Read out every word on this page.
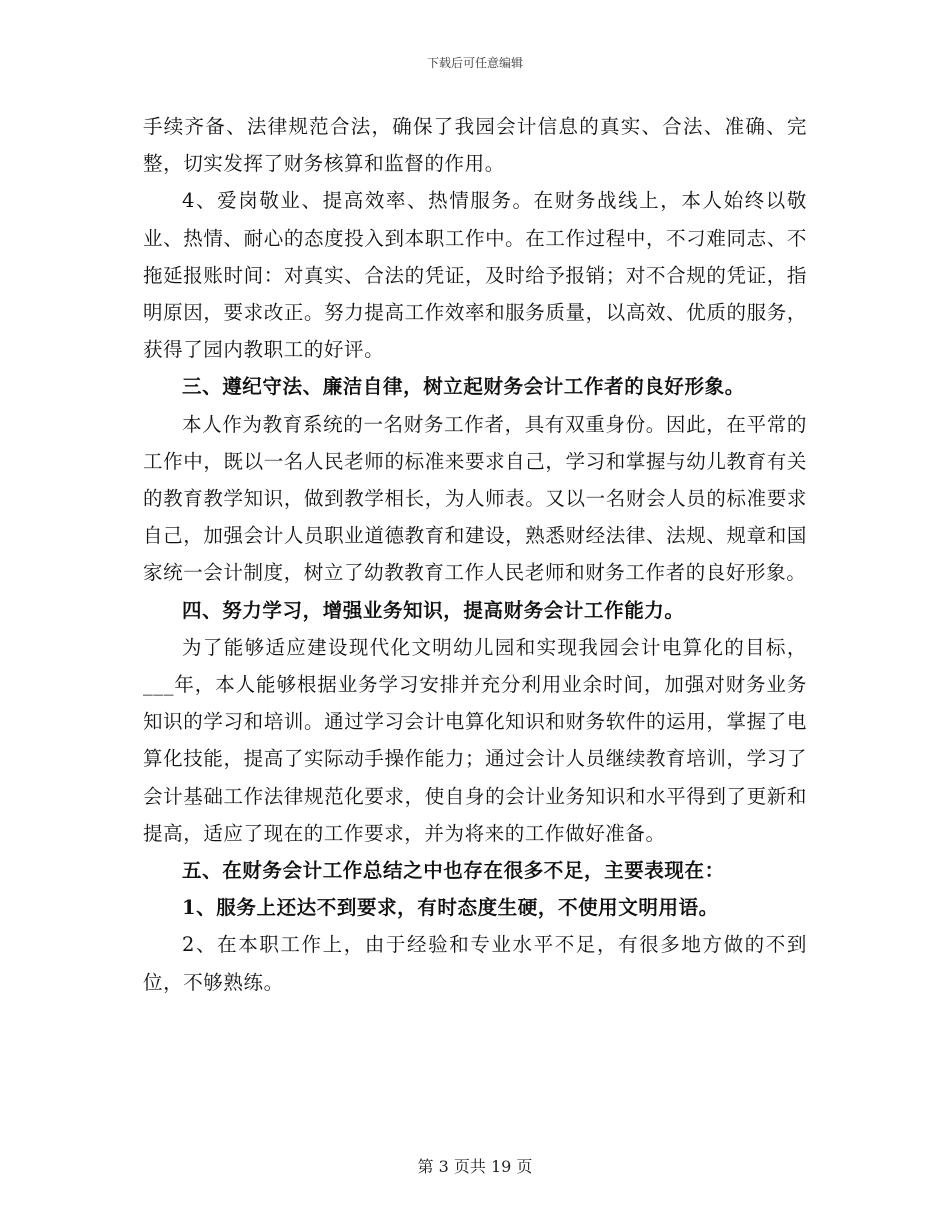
下载后可任意编辑

手续齐备、法律规范合法，确保了我园会计信息的真实、合法、准确、完整，切实发挥了财务核算和监督的作用。

4、爱岗敬业、提高效率、热情服务。在财务战线上，本人始终以敬业、热情、耐心的态度投入到本职工作中。在工作过程中，不刁难同志、不拖延报账时间：对真实、合法的凭证，及时给予报销；对不合规的凭证，指明原因，要求改正。努力提高工作效率和服务质量，以高效、优质的服务，获得了园内教职工的好评。

三、遵纪守法、廉洁自律，树立起财务会计工作者的良好形象。

本人作为教育系统的一名财务工作者，具有双重身份。因此，在平常的工作中，既以一名人民老师的标准来要求自己，学习和掌握与幼儿教育有关的教育教学知识，做到教学相长，为人师表。又以一名财会人员的标准要求自己，加强会计人员职业道德教育和建设，熟悉财经法律、法规、规章和国家统一会计制度，树立了幼教教育工作人民老师和财务工作者的良好形象。

四、努力学习，增强业务知识，提高财务会计工作能力。

为了能够适应建设现代化文明幼儿园和实现我园会计电算化的目标，___年，本人能够根据业务学习安排并充分利用业余时间，加强对财务业务知识的学习和培训。通过学习会计电算化知识和财务软件的运用，掌握了电算化技能，提高了实际动手操作能力；通过会计人员继续教育培训，学习了会计基础工作法律规范化要求，使自身的会计业务知识和水平得到了更新和提高，适应了现在的工作要求，并为将来的工作做好准备。

五、在财务会计工作总结之中也存在很多不足，主要表现在：

1、服务上还达不到要求，有时态度生硬，不使用文明用语。

2、在本职工作上，由于经验和专业水平不足，有很多地方做的不到位，不够熟练。

第 3 页共 19 页
